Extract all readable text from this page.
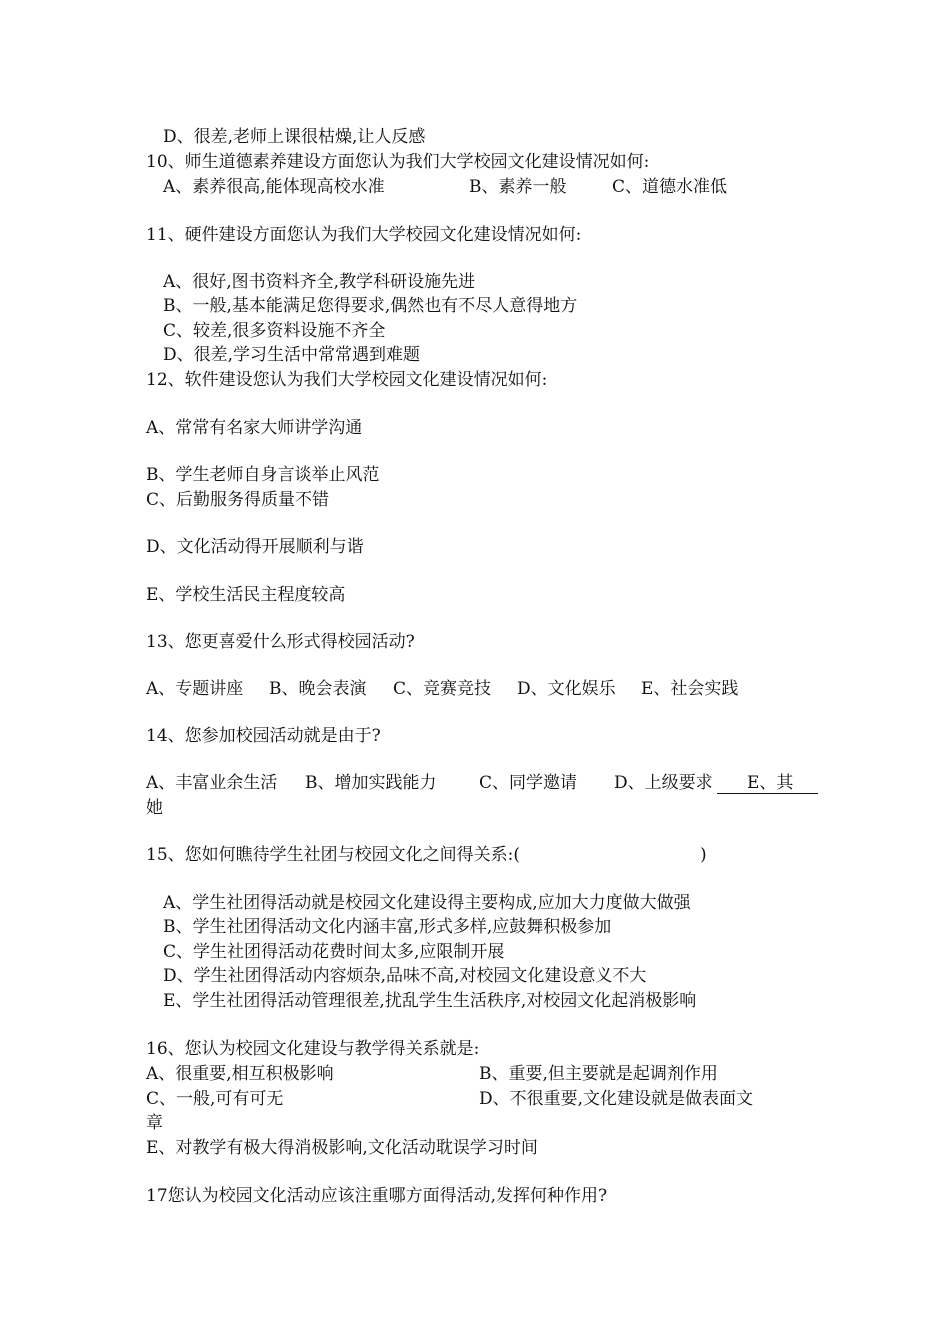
D、很差,老师上课很枯燥,让人反感
10、师生道德素养建设方面您认为我们大学校园文化建设情况如何:
A、素养很高,能体现高校水准	B、素养一般	C、道德水准低
11、硬件建设方面您认为我们大学校园文化建设情况如何:
A、很好,图书资料齐全,教学科研设施先进
B、一般,基本能满足您得要求,偶然也有不尽人意得地方
C、较差,很多资料设施不齐全
D、很差,学习生活中常常遇到难题
12、软件建设您认为我们大学校园文化建设情况如何:
A、常常有名家大师讲学沟通
B、学生老师自身言谈举止风范
C、后勤服务得质量不错
D、文化活动得开展顺利与谐
E、学校生活民主程度较高
13、您更喜爱什么形式得校园活动?
A、专题讲座 B、晚会表演 C、竞赛竞技 D、文化娱乐 E、社会实践
14、您参加校园活动就是由于?
A、丰富业余生活 B、增加实践能力	C、同学邀请 D、上级要求	E、其
她
15、您如何瞧待学生社团与校园文化之间得关系:(	)
A、学生社团得活动就是校园文化建设得主要构成,应加大力度做大做强
B、学生社团得活动文化内涵丰富,形式多样,应鼓舞积极参加
C、学生社团得活动花费时间太多,应限制开展
D、学生社团得活动内容烦杂,品味不高,对校园文化建设意义不大
E、学生社团得活动管理很差,扰乱学生生活秩序,对校园文化起消极影响
16、您认为校园文化建设与教学得关系就是:
A、很重要,相互积极影响	B、重要,但主要就是起调剂作用
C、一般,可有可无	D、不很重要,文化建设就是做表面文
章
E、对教学有极大得消极影响,文化活动耽误学习时间
17您认为校园文化活动应该注重哪方面得活动,发挥何种作用?
